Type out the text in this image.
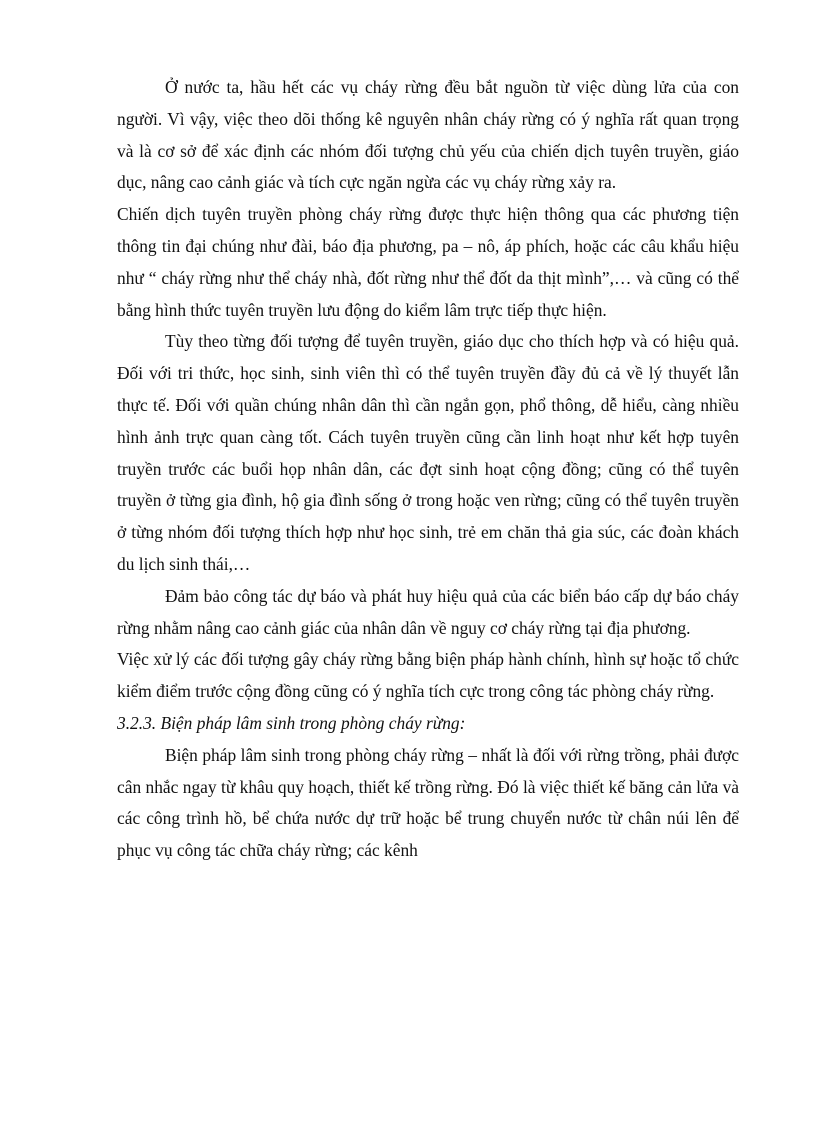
Ở nước ta, hầu hết các vụ cháy rừng đều bắt nguồn từ việc dùng lửa của con người. Vì vậy, việc theo dõi thống kê nguyên nhân cháy rừng có ý nghĩa rất quan trọng và là cơ sở để xác định các nhóm đối tượng chủ yếu của chiến dịch tuyên truyền, giáo dục, nâng cao cảnh giác và tích cực ngăn ngừa các vụ cháy rừng xảy ra.

Chiến dịch tuyên truyền phòng cháy rừng được thực hiện thông qua các phương tiện thông tin đại chúng như đài, báo địa phương, pa – nô, áp phích, hoặc các câu khẩu hiệu như “ cháy rừng như thể cháy nhà, đốt rừng như thể đốt da thịt mình”,… và cũng có thể bằng hình thức tuyên truyền lưu động do kiểm lâm trực tiếp thực hiện.

Tùy theo từng đối tượng để tuyên truyền, giáo dục cho thích hợp và có hiệu quả. Đối với tri thức, học sinh, sinh viên thì có thể tuyên truyền đầy đủ cả về lý thuyết lẫn thực tế. Đối với quần chúng nhân dân thì cần ngắn gọn, phổ thông, dễ hiểu, càng nhiều hình ảnh trực quan càng tốt. Cách tuyên truyền cũng cần linh hoạt như kết hợp tuyên truyền trước các buổi họp nhân dân, các đợt sinh hoạt cộng đồng; cũng có thể tuyên truyền ở từng gia đình, hộ gia đình sống ở trong hoặc ven rừng; cũng có thể tuyên truyền ở từng nhóm đối tượng thích hợp như học sinh, trẻ em chăn thả gia súc, các đoàn khách du lịch sinh thái,…

Đảm bảo công tác dự báo và phát huy hiệu quả của các biển báo cấp dự báo cháy rừng nhằm nâng cao cảnh giác của nhân dân về nguy cơ cháy rừng tại địa phương.

Việc xử lý các đối tượng gây cháy rừng bằng biện pháp hành chính, hình sự hoặc tổ chức kiểm điểm trước cộng đồng cũng có ý nghĩa tích cực trong công tác phòng cháy rừng.

3.2.3. Biện pháp lâm sinh trong phòng cháy rừng:

Biện pháp lâm sinh trong phòng cháy rừng – nhất là đối với rừng trồng, phải được cân nhắc ngay từ khâu quy hoạch, thiết kế trồng rừng. Đó là việc thiết kế băng cản lửa và các công trình hồ, bể chứa nước dự trữ hoặc bể trung chuyển nước từ chân núi lên để phục vụ công tác chữa cháy rừng; các kênh
